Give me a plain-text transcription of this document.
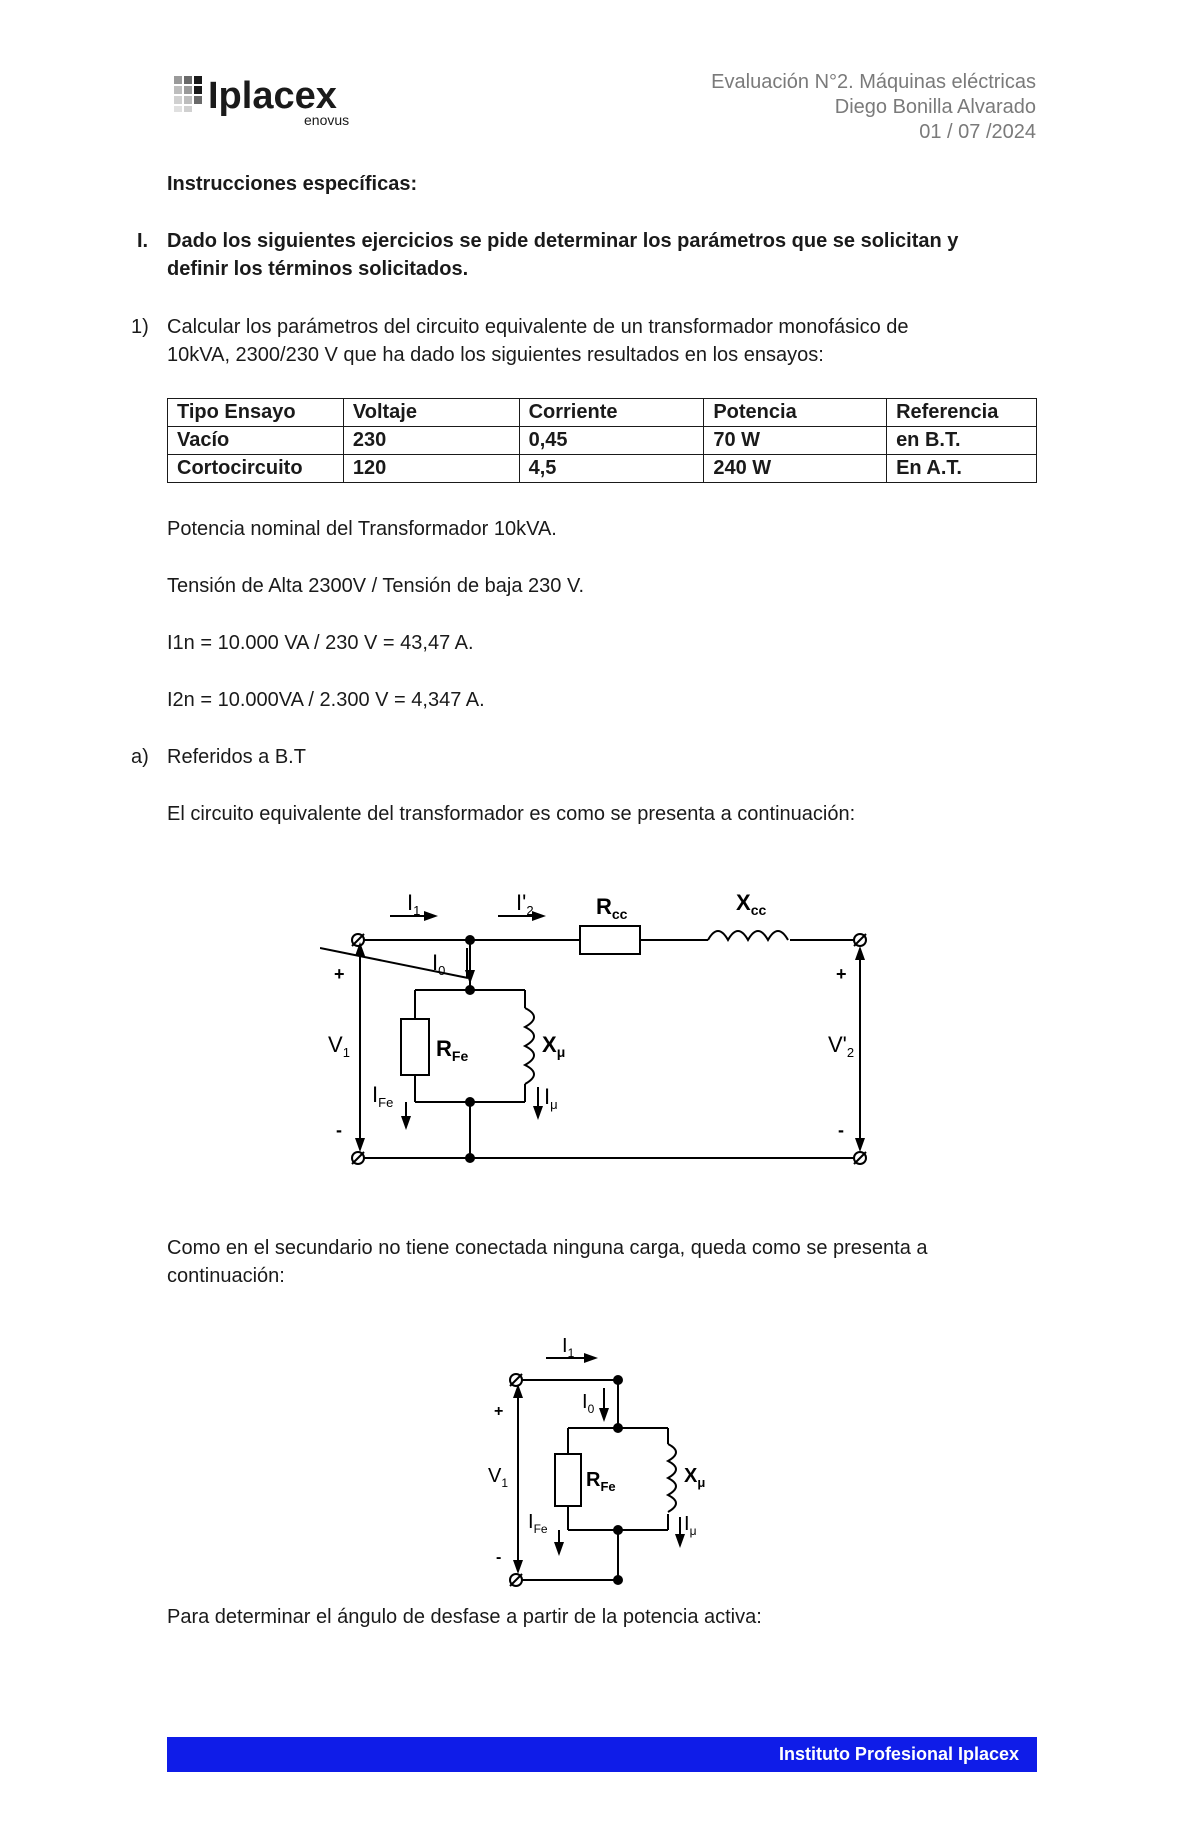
Iplacex
enovus
Evaluación N°2. Máquinas eléctricas
Diego Bonilla Alvarado
01 / 07 /2024
Instrucciones específicas:
I. Dado los siguientes ejercicios se pide determinar los parámetros que se solicitan y
definir los términos solicitados.
1) Calcular los parámetros del circuito equivalente de un transformador monofásico de
10kVA, 2300/230 V que ha dado los siguientes resultados en los ensayos:
Tipo Ensayo	Voltaje	Corriente	Potencia	Referencia
Vacío	230	0,45	70 W	en B.T.
Cortocircuito	120	4,5	240 W	En A.T.
Potencia nominal del Transformador 10kVA.
Tensión de Alta 2300V / Tensión de baja 230 V.
I1n = 10.000 VA / 230 V = 43,47 A.
I2n = 10.000VA / 2.300 V = 4,347 A.
a) Referidos a B.T
El circuito equivalente del transformador es como se presenta a continuación:
$I_1$	$I'_2$	$R_{cc}$	$X_{cc}$
$I_0$
$R_{Fe}$	$X_\mu$
$V_1$	$V'_2$
$I_{Fe}$	$I_\mu$
+
-
+
-
Como en el secundario no tiene conectada ninguna carga, queda como se presenta a
continuación:
$I_1$
$I_0$
$R_{Fe}$	$X_\mu$
$V_1$
$I_{Fe}$	$I_\mu$
+
-
Para determinar el ángulo de desfase a partir de la potencia activa:
Instituto Profesional Iplacex
